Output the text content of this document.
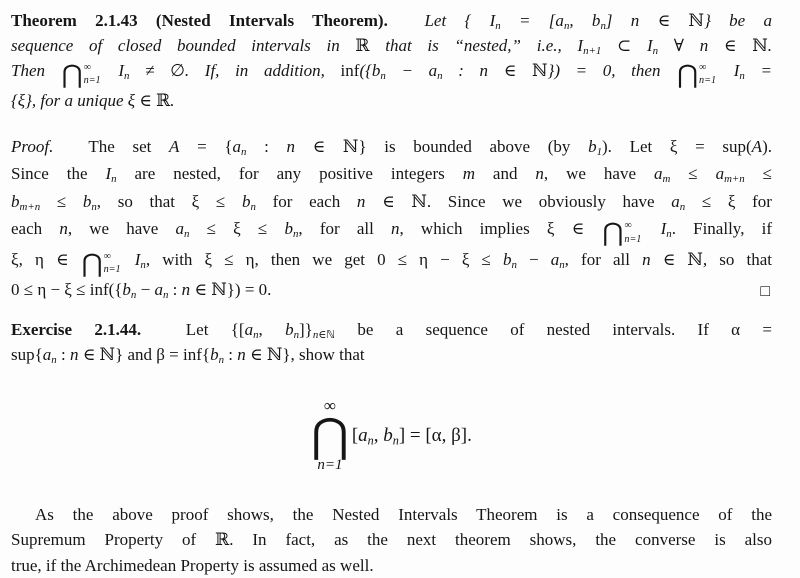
Theorem 2.1.43 (Nested Intervals Theorem).  Let { $I_n = [a_n$, $b_n$] n ∈ ℕ} be a
sequence of closed bounded intervals in ℝ that is “nested,” i.e., $I_{n+1}$ ⊂ $I_n$ ∀ n ∈ ℕ.
Then ⋂ ∞
n=1
$I_n$ ≠ ∅. If, in addition, $inf(\{b_n - a_n$ : n ∈ ℕ}) = 0, then ⋂ ∞
n=1
$I_n$ =
{ξ}, for a unique ξ ∈ ℝ.
Proof.  The set $A = \{a_n$ : n ∈ ℕ} is bounded above (by $b_1$). Let ξ = sup(A).
Since the $I_n$ are nested, for any positive integers m and n, we have $a_m \le a_{m+n}$ ≤
$b_{m+n} \le b_n$, so that $\xi \le b_n$ for each n ∈ ℕ. Since we obviously have $a_n \le \xi$ for
each n, we have $a_n \le \xi \le b_n$, for all n, which implies ξ ∈ ⋂ ∞
n=1
$I_n$. Finally, if
ξ, η ∈ ⋂ ∞
n=1
$I_n$, with ξ ≤ η, then we get $0 \le \eta - \xi \le b_n - a_n$, for all n ∈ ℕ, so that
$0 \le \eta - \xi \le inf(\{b_n - a_n$ : n ∈ ℕ}) = 0.	□
Exercise 2.1.44.  Let {[$a_n$, $b_n]\}_{n\in ℕ}$ be a sequence of nested intervals. If α =
$sup\{a_n$ : n ∈ ℕ} and $\beta = inf\{b_n$ : n ∈ ℕ}, show that
∞
⋂
n=1
[$a_n$, $b_n] = [\alpha$, β].
As the above proof shows, the Nested Intervals Theorem is a consequence of the
Supremum Property of ℝ. In fact, as the next theorem shows, the converse is also
true, if the Archimedean Property is assumed as well.
